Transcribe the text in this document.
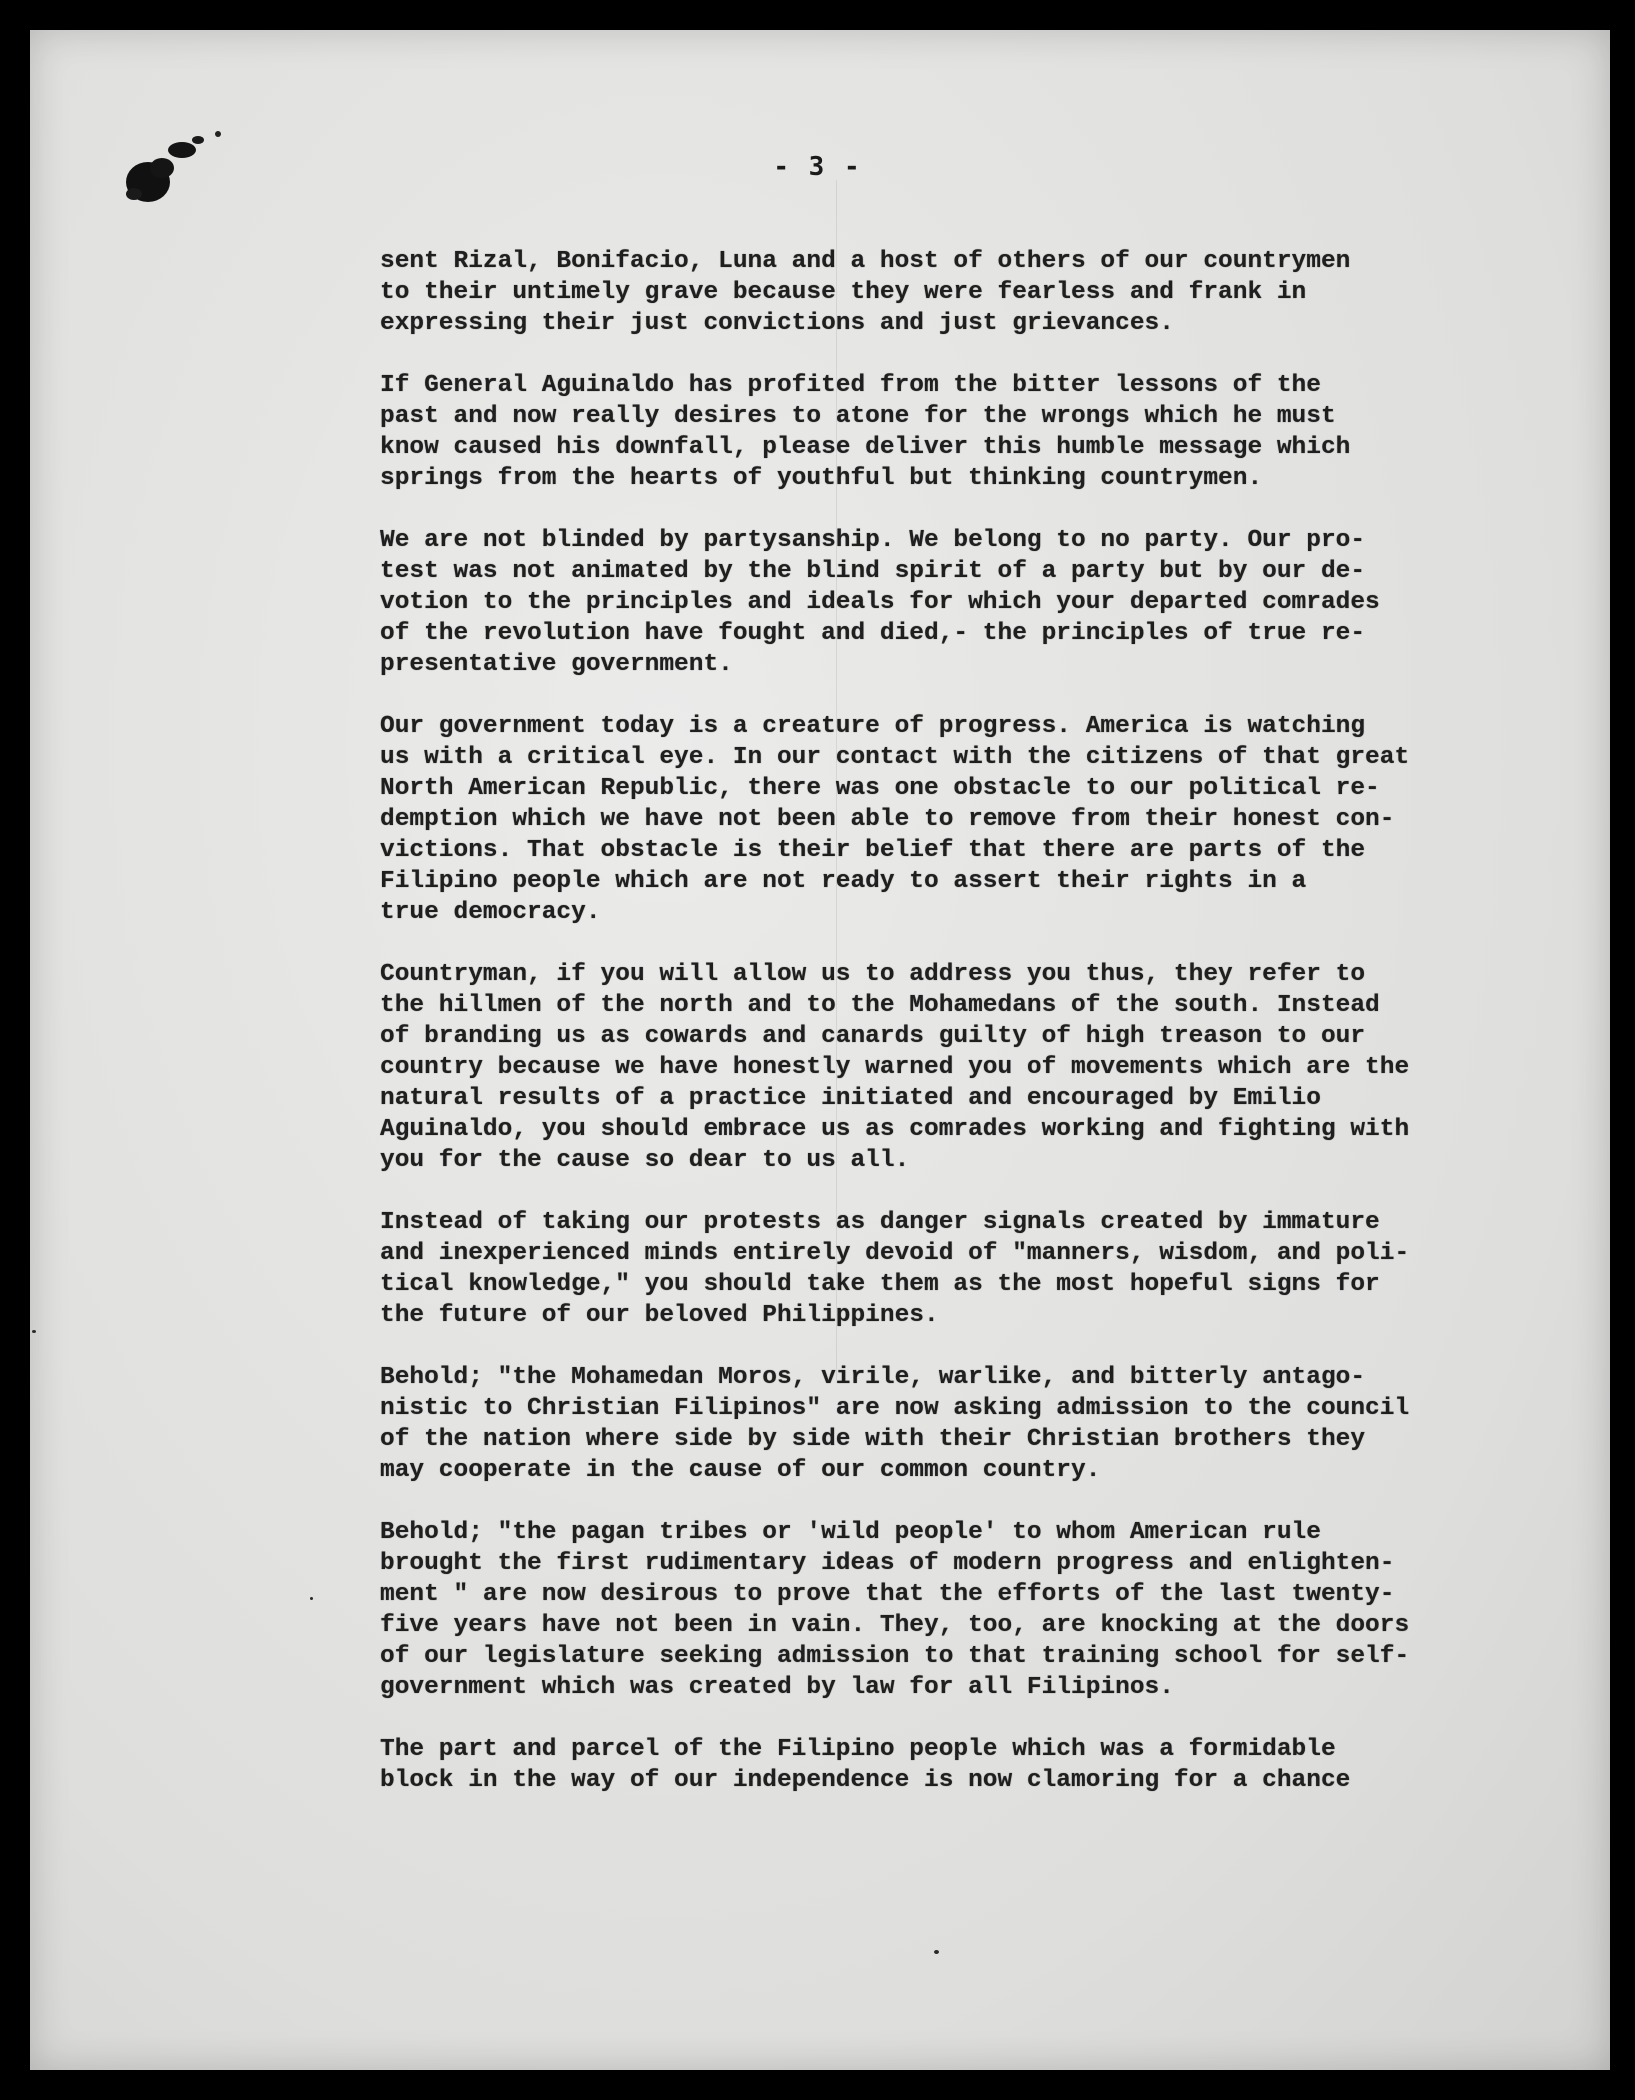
- 3 -
sent Rizal, Bonifacio, Luna and a host of others of our countrymen
to their untimely grave because they were fearless and frank in
expressing their just convictions and just grievances.
If General Aguinaldo has profited from the bitter lessons of the
past and now really desires to atone for the wrongs which he must
know caused his downfall, please deliver this humble message which
springs from the hearts of youthful but thinking countrymen.
We are not blinded by partysanship. We belong to no party. Our pro-
test was not animated by the blind spirit of a party but by our de-
votion to the principles and ideals for which your departed comrades
of the revolution have fought and died,- the principles of true re-
presentative government.
Our government today is a creature of progress. America is watching
us with a critical eye. In our contact with the citizens of that great
North American Republic, there was one obstacle to our political re-
demption which we have not been able to remove from their honest con-
victions. That obstacle is their belief that there are parts of the
Filipino people which are not ready to assert their rights in a
true democracy.
Countryman, if you will allow us to address you thus, they refer to
the hillmen of the north and to the Mohamedans of the south. Instead
of branding us as cowards and canards guilty of high treason to our
country because we have honestly warned you of movements which are the
natural results of a practice initiated and encouraged by Emilio
Aguinaldo, you should embrace us as comrades working and fighting with
you for the cause so dear to us all.
Instead of taking our protests as danger signals created by immature
and inexperienced minds entirely devoid of "manners, wisdom, and poli-
tical knowledge," you should take them as the most hopeful signs for
the future of our beloved Philippines.
Behold; "the Mohamedan Moros, virile, warlike, and bitterly antago-
nistic to Christian Filipinos" are now asking admission to the council
of the nation where side by side with their Christian brothers they
may cooperate in the cause of our common country.
Behold; "the pagan tribes or 'wild people' to whom American rule
brought the first rudimentary ideas of modern progress and enlighten-
ment " are now desirous to prove that the efforts of the last twenty-
five years have not been in vain. They, too, are knocking at the doors
of our legislature seeking admission to that training school for self-
government which was created by law for all Filipinos.
The part and parcel of the Filipino people which was a formidable
block in the way of our independence is now clamoring for a chance
